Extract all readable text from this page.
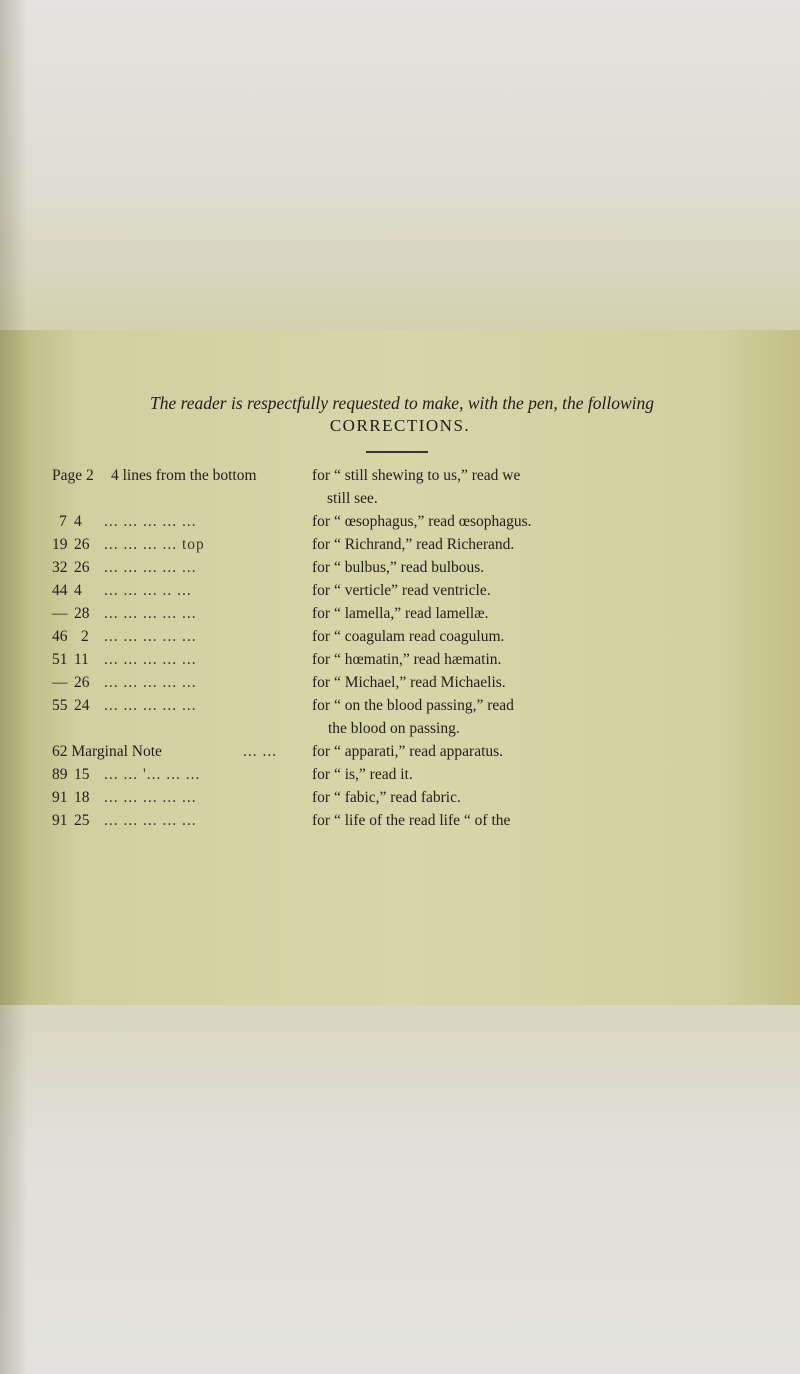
The reader is respectfully requested to make, with the pen, the following
CORRECTIONS.
Page 2 4 lines from the bottom	for “ still shewing to us,” read we
still see.
7 4 ... ... ... ... ...	for “ œsophagus,” read œsophagus.
19 26 ... ... ... ... top	for “ Richrand,” read Richerand.
32 26 ... ... ... ... ...	for “ bulbus,” read bulbous.
44 4 ... ... ... .. ...	for “ verticle” read ventricle.
— 28 ... ... ... ... ...	for “ lamella,” read lamellæ.
46 2 ... ... ... ... ...	for “ coagulam read coagulum.
51 11 ... ... ... ... ...	for “ hœmatin,” read hæmatin.
— 26 ... ... ... ... ...	for “ Michael,” read Michaelis.
55 24 ... ... ... ... ...	for “ on the blood passing,” read
the blood on passing.
62 Marginal Note	... ... for “ apparati,” read apparatus.
89 15 ... ... '... ... ...	for “ is,” read it.
91 18 ... ... ... ... ...	for “ fabic,” read fabric.
91 25 ... ... ... ... ...	for “ life of the read life “ of the
